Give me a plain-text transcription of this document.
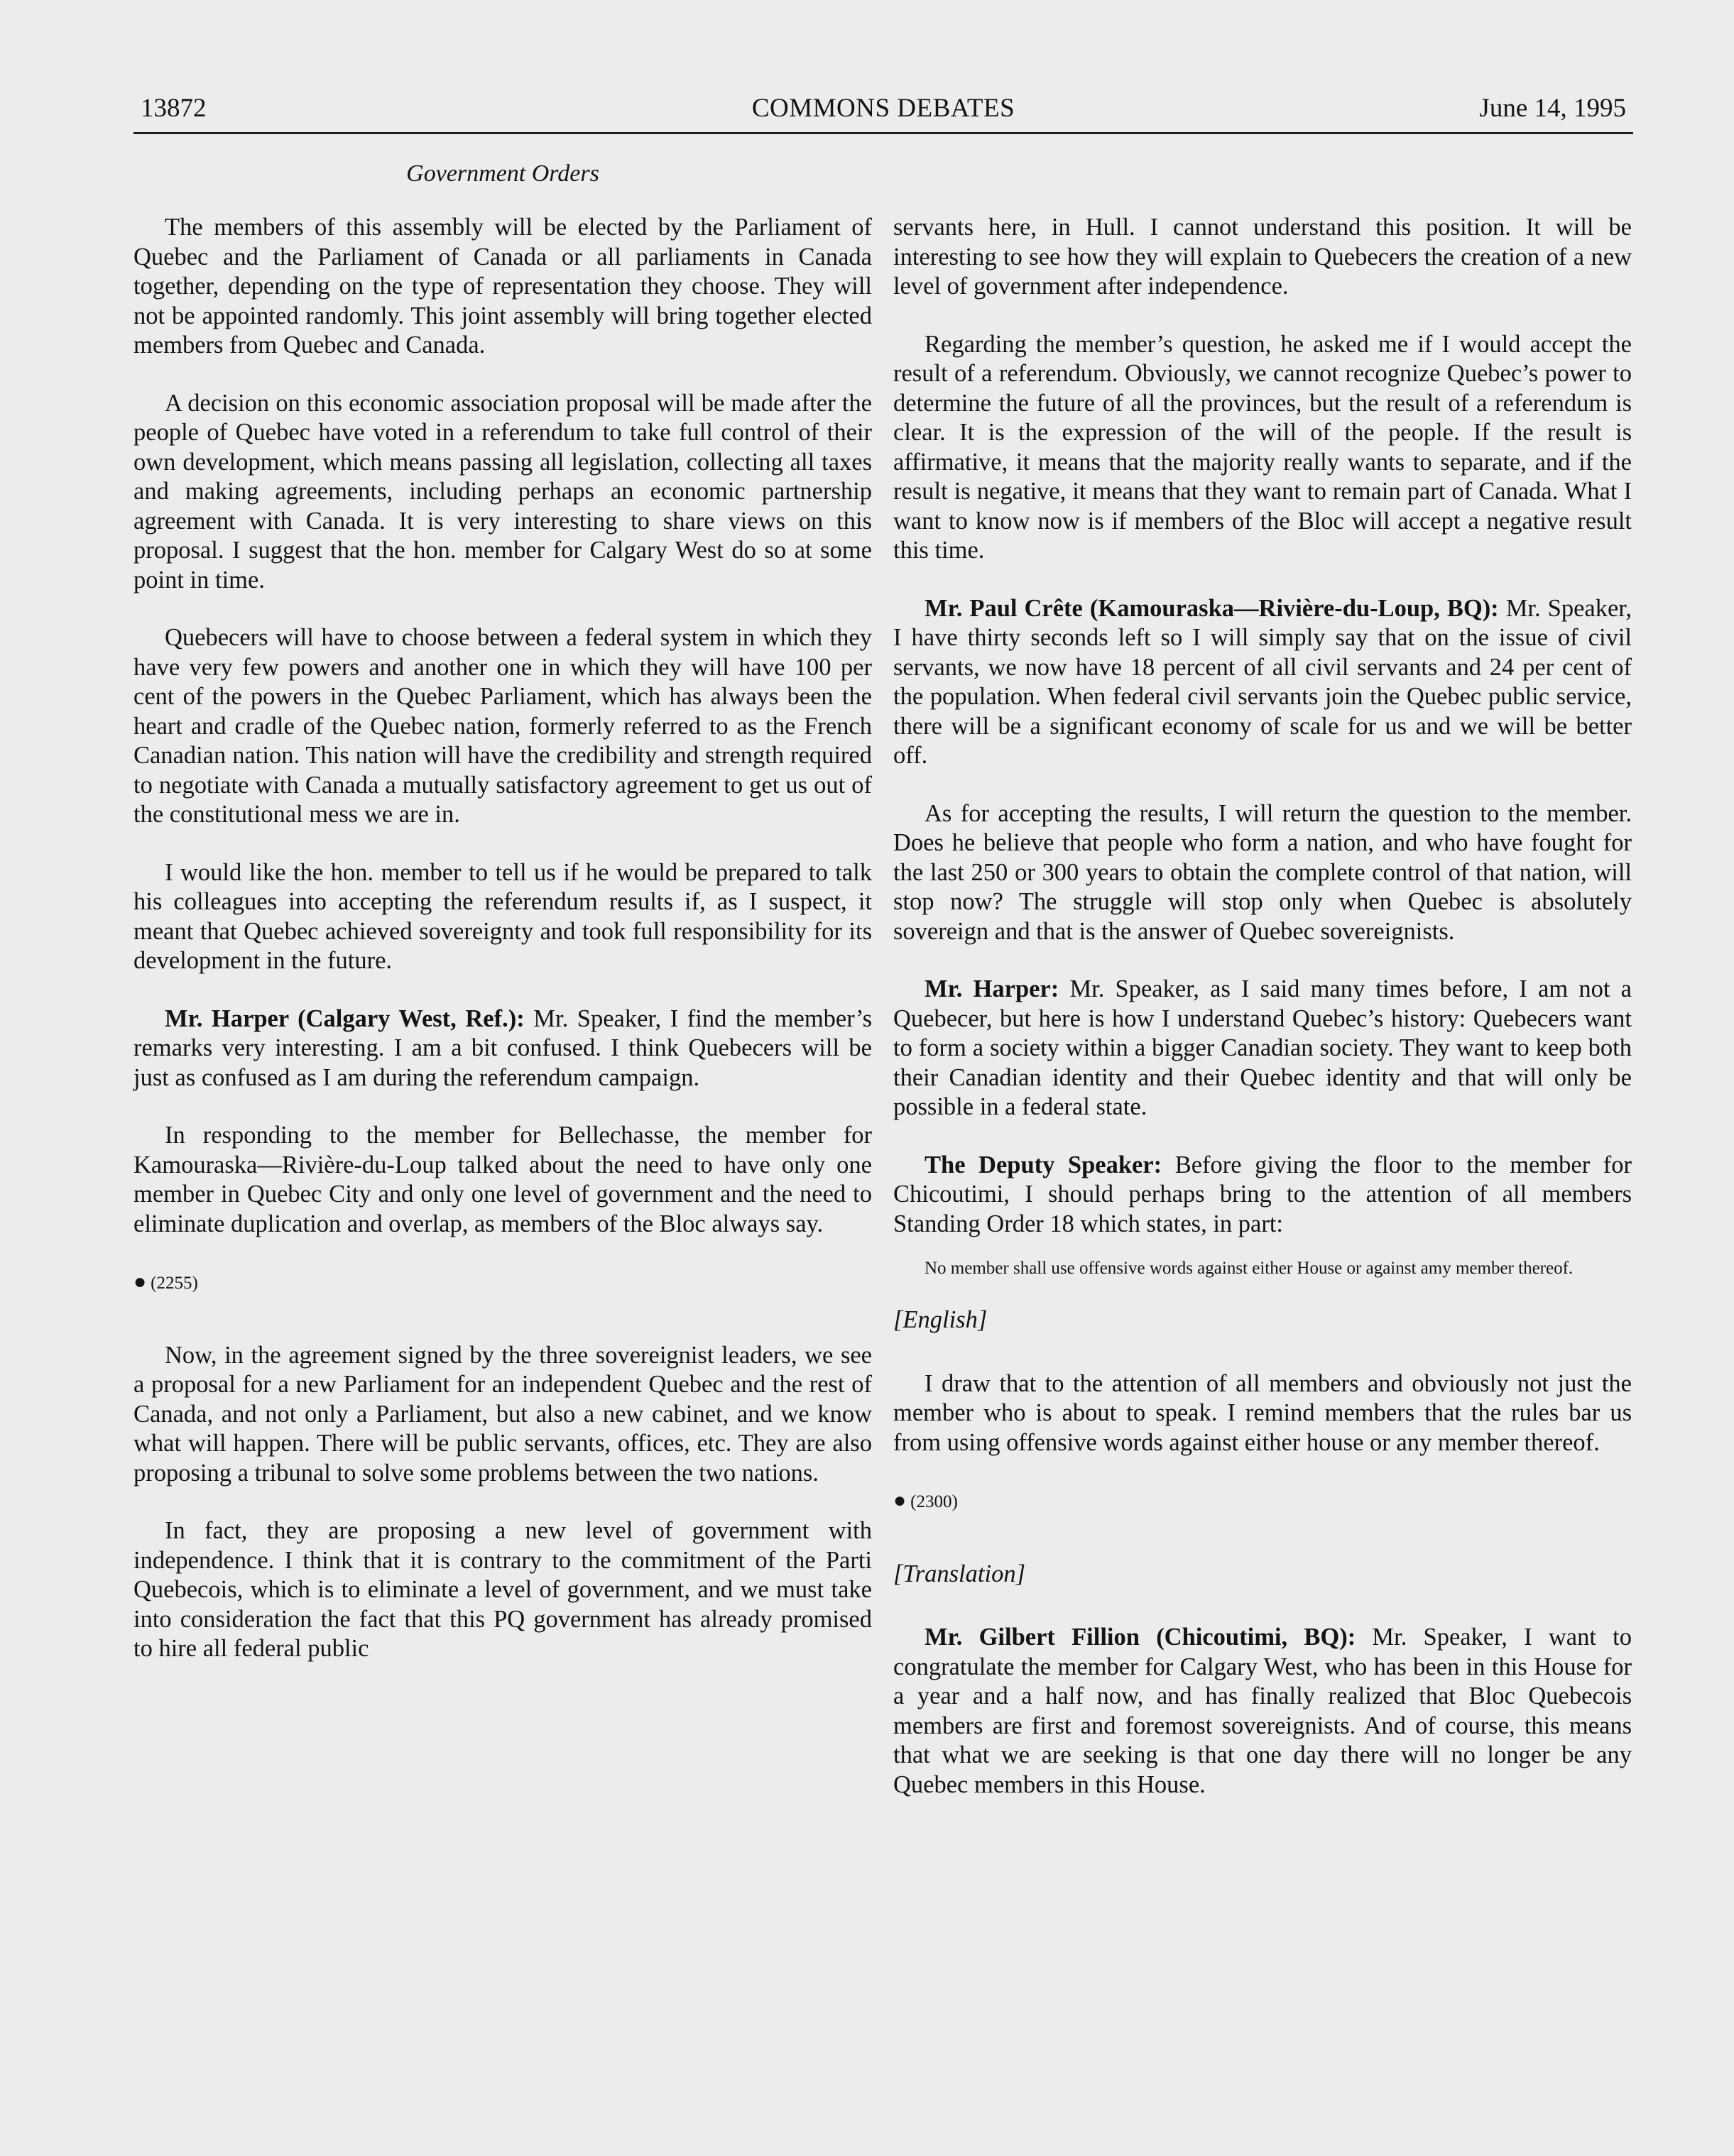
13872	COMMONS DEBATES	June 14, 1995
Government Orders

The members of this assembly will be elected by the Parliament of Quebec and the Parliament of Canada or all parliaments in Canada together, depending on the type of representation they choose. They will not be appointed randomly. This joint assembly will bring together elected members from Quebec and Canada.

A decision on this economic association proposal will be made after the people of Quebec have voted in a referendum to take full control of their own development, which means passing all legislation, collecting all taxes and making agreements, including perhaps an economic partnership agreement with Canada. It is very interesting to share views on this proposal. I suggest that the hon. member for Calgary West do so at some point in time.

Quebecers will have to choose between a federal system in which they have very few powers and another one in which they will have 100 per cent of the powers in the Quebec Parliament, which has always been the heart and cradle of the Quebec nation, formerly referred to as the French Canadian nation. This nation will have the credibility and strength required to negotiate with Canada a mutually satisfactory agreement to get us out of the constitutional mess we are in.

I would like the hon. member to tell us if he would be prepared to talk his colleagues into accepting the referendum results if, as I suspect, it meant that Quebec achieved sovereignty and took full responsibility for its development in the future.

Mr. Harper (Calgary West, Ref.): Mr. Speaker, I find the member’s remarks very interesting. I am a bit confused. I think Quebecers will be just as confused as I am during the referendum campaign.

In responding to the member for Bellechasse, the member for Kamouraska—Rivière-du-Loup talked about the need to have only one member in Quebec City and only one level of government and the need to eliminate duplication and overlap, as members of the Bloc always say.

● (2255)

Now, in the agreement signed by the three sovereignist leaders, we see a proposal for a new Parliament for an independent Quebec and the rest of Canada, and not only a Parliament, but also a new cabinet, and we know what will happen. There will be public servants, offices, etc. They are also proposing a tribunal to solve some problems between the two nations.

In fact, they are proposing a new level of government with independence. I think that it is contrary to the commitment of the Parti Quebecois, which is to eliminate a level of government, and we must take into consideration the fact that this PQ government has already promised to hire all federal public

servants here, in Hull. I cannot understand this position. It will be interesting to see how they will explain to Quebecers the creation of a new level of government after independence.

Regarding the member’s question, he asked me if I would accept the result of a referendum. Obviously, we cannot recognize Quebec’s power to determine the future of all the provinces, but the result of a referendum is clear. It is the expression of the will of the people. If the result is affirmative, it means that the majority really wants to separate, and if the result is negative, it means that they want to remain part of Canada. What I want to know now is if members of the Bloc will accept a negative result this time.

Mr. Paul Crête (Kamouraska—Rivière-du-Loup, BQ): Mr. Speaker, I have thirty seconds left so I will simply say that on the issue of civil servants, we now have 18 percent of all civil servants and 24 per cent of the population. When federal civil servants join the Quebec public service, there will be a significant economy of scale for us and we will be better off.

As for accepting the results, I will return the question to the member. Does he believe that people who form a nation, and who have fought for the last 250 or 300 years to obtain the complete control of that nation, will stop now? The struggle will stop only when Quebec is absolutely sovereign and that is the answer of Quebec sovereignists.

Mr. Harper: Mr. Speaker, as I said many times before, I am not a Quebecer, but here is how I understand Quebec’s history: Quebecers want to form a society within a bigger Canadian society. They want to keep both their Canadian identity and their Quebec identity and that will only be possible in a federal state.

The Deputy Speaker: Before giving the floor to the member for Chicoutimi, I should perhaps bring to the attention of all members Standing Order 18 which states, in part:

No member shall use offensive words against either House or against amy member thereof.

[English]

I draw that to the attention of all members and obviously not just the member who is about to speak. I remind members that the rules bar us from using offensive words against either house or any member thereof.

● (2300)

[Translation]

Mr. Gilbert Fillion (Chicoutimi, BQ): Mr. Speaker, I want to congratulate the member for Calgary West, who has been in this House for a year and a half now, and has finally realized that Bloc Quebecois members are first and foremost sovereignists. And of course, this means that what we are seeking is that one day there will no longer be any Quebec members in this House.
